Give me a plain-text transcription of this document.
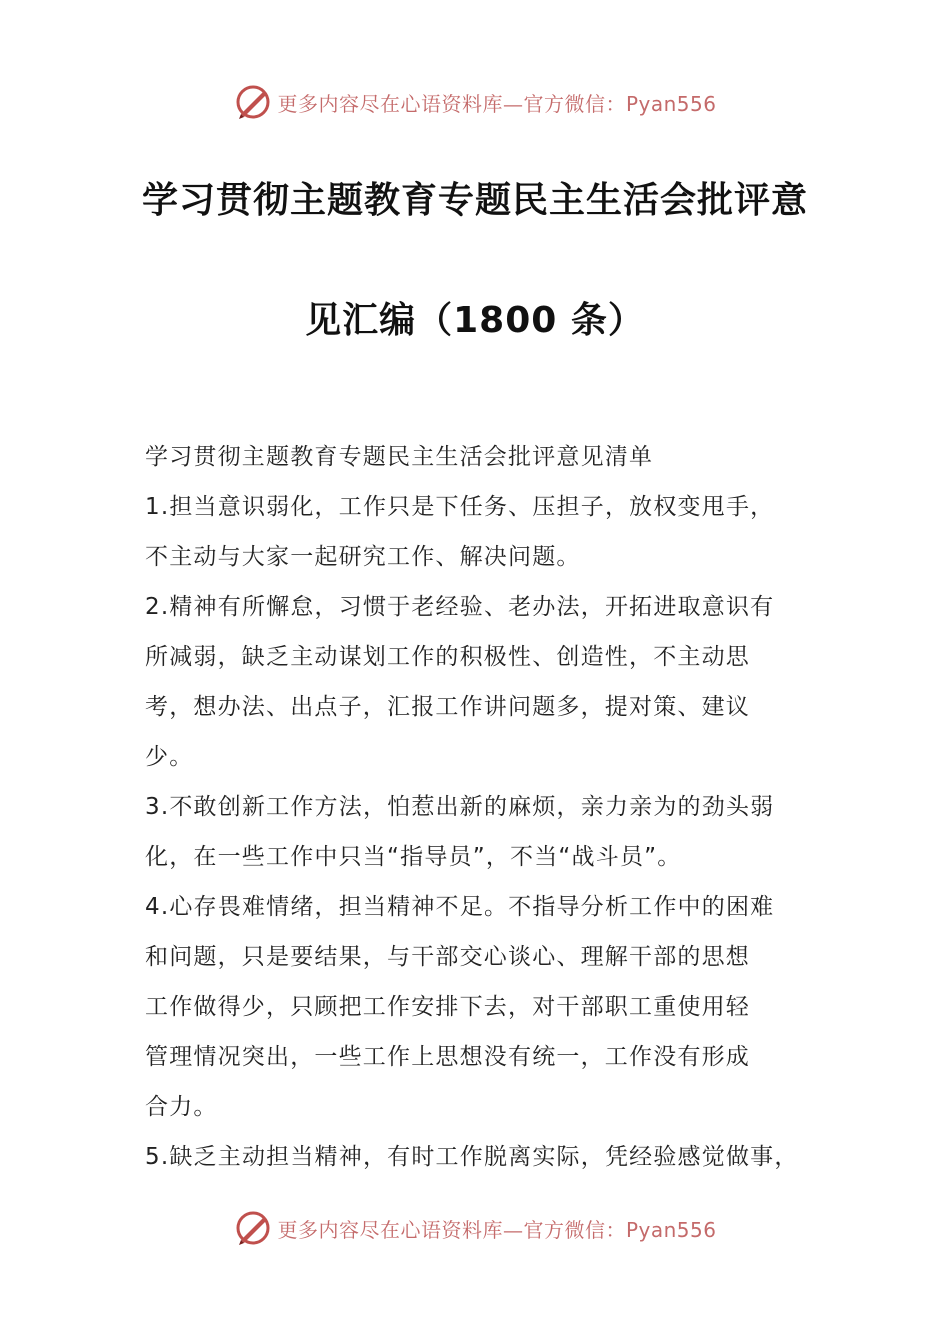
更多内容尽在心语资料库—官方微信：Pyan556
学习贯彻主题教育专题民主生活会批评意
见汇编（1800 条）

学习贯彻主题教育专题民主生活会批评意见清单

1.担当意识弱化，工作只是下任务、压担子，放权变甩手，

不主动与大家一起研究工作、解决问题。

2.精神有所懈怠，习惯于老经验、老办法，开拓进取意识有

所减弱，缺乏主动谋划工作的积极性、创造性，不主动思

考，想办法、出点子，汇报工作讲问题多，提对策、建议

少。

3.不敢创新工作方法，怕惹出新的麻烦，亲力亲为的劲头弱

化，在一些工作中只当“指导员”，不当“战斗员”。

4.心存畏难情绪，担当精神不足。不指导分析工作中的困难

和问题，只是要结果，与干部交心谈心、理解干部的思想

工作做得少，只顾把工作安排下去，对干部职工重使用轻

管理情况突出，一些工作上思想没有统一，工作没有形成

合力。

5.缺乏主动担当精神，有时工作脱离实际，凭经验感觉做事，

更多内容尽在心语资料库—官方微信：Pyan556
